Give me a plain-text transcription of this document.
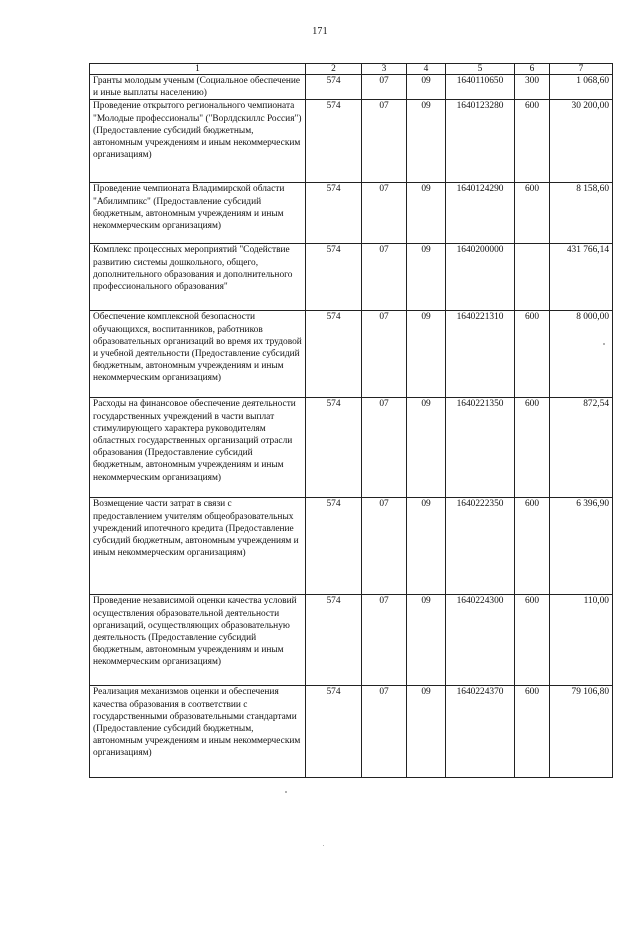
171
1	2	3	4	5	6	7
Гранты молодым ученым (Социальное обеспечение и иные выплаты населению)	574	07	09	1640110650	300	1 068,60
Проведение открытого регионального чемпионата "Молодые профессионалы" ("Ворлдскиллс Россия") (Предоставление субсидий бюджетным, автономным учреждениям и иным некоммерческим организациям)	574	07	09	1640123280	600	30 200,00
Проведение чемпионата Владимирской области "Абилимпикс" (Предоставление субсидий бюджетным, автономным учреждениям и иным некоммерческим организациям)	574	07	09	1640124290	600	8 158,60
Комплекс процессных мероприятий "Содействие развитию системы дошкольного, общего, дополнительного образования и дополнительного профессионального образования"	574	07	09	1640200000		431 766,14
Обеспечение комплексной безопасности обучающихся, воспитанников, работников образовательных организаций во время их трудовой и учебной деятельности (Предоставление субсидий бюджетным, автономным учреждениям и иным некоммерческим организациям)	574	07	09	1640221310	600	8 000,00
Расходы на финансовое обеспечение деятельности государственных учреждений в части выплат стимулирующего характера руководителям областных государственных организаций отрасли образования (Предоставление субсидий бюджетным, автономным учреждениям и иным некоммерческим организациям)	574	07	09	1640221350	600	872,54
Возмещение части затрат в связи с предоставлением учителям общеобразовательных учреждений ипотечного кредита (Предоставление субсидий бюджетным, автономным учреждениям и иным некоммерческим организациям)	574	07	09	1640222350	600	6 396,90
Проведение независимой оценки качества условий осуществления образовательной деятельности организаций, осуществляющих образовательную деятельность (Предоставление субсидий бюджетным, автономным учреждениям и иным некоммерческим организациям)	574	07	09	1640224300	600	110,00
Реализация механизмов оценки и обеспечения качества образования в соответствии с государственными образовательными стандартами (Предоставление субсидий бюджетным, автономным учреждениям и иным некоммерческим организациям)	574	07	09	1640224370	600	79 106,80
